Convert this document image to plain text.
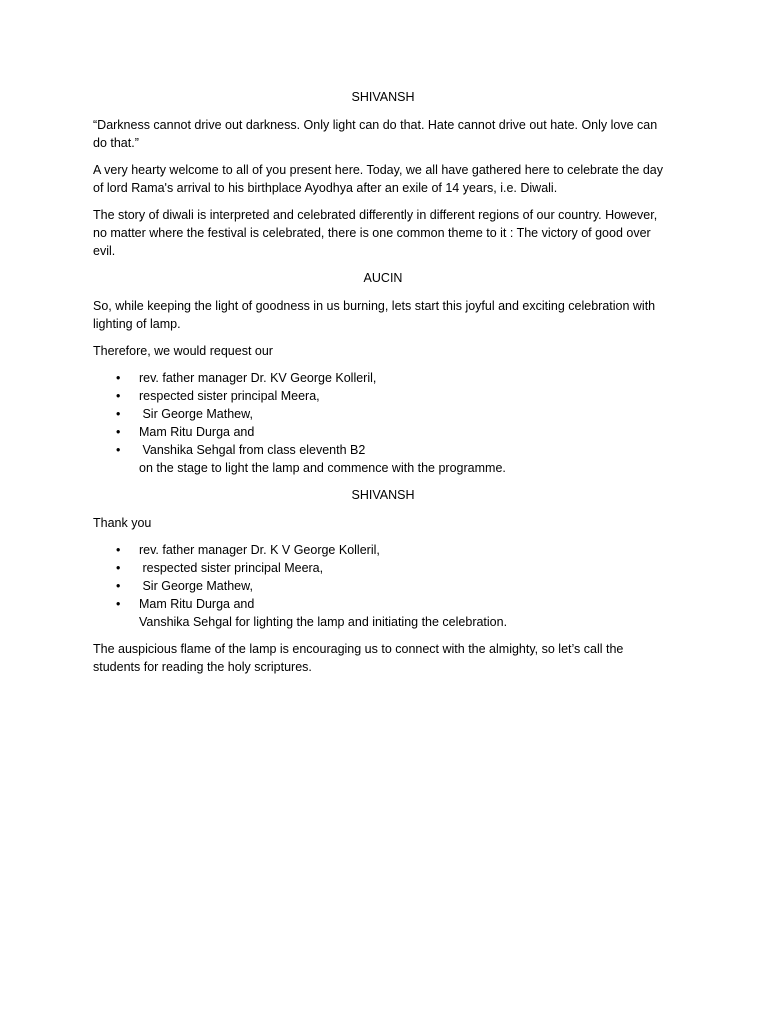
SHIVANSH

“Darkness cannot drive out darkness. Only light can do that. Hate cannot drive out hate. Only love can do that.”

A very hearty welcome to all of you present here. Today, we all have gathered here to celebrate the day of lord Rama's arrival to his birthplace Ayodhya after an exile of 14 years, i.e. Diwali.

The story of diwali is interpreted and celebrated differently in different regions of our country. However, no matter where the festival is celebrated, there is one common theme to it : The victory of good over evil.

AUCIN

So, while keeping the light of goodness in us burning, lets start this joyful and exciting celebration with lighting of lamp.

Therefore, we would request our

• rev. father manager Dr. KV George Kolleril,
• respected sister principal Meera,
• Sir George Mathew,
• Mam Ritu Durga and
• Vanshika Sehgal from class eleventh B2
on the stage to light the lamp and commence with the programme.
SHIVANSH

Thank you

• rev. father manager Dr. K V George Kolleril,
• respected sister principal Meera,
• Sir George Mathew,
• Mam Ritu Durga and
Vanshika Sehgal for lighting the lamp and initiating the celebration.

The auspicious flame of the lamp is encouraging us to connect with the almighty, so let’s call the students for reading the holy scriptures.
